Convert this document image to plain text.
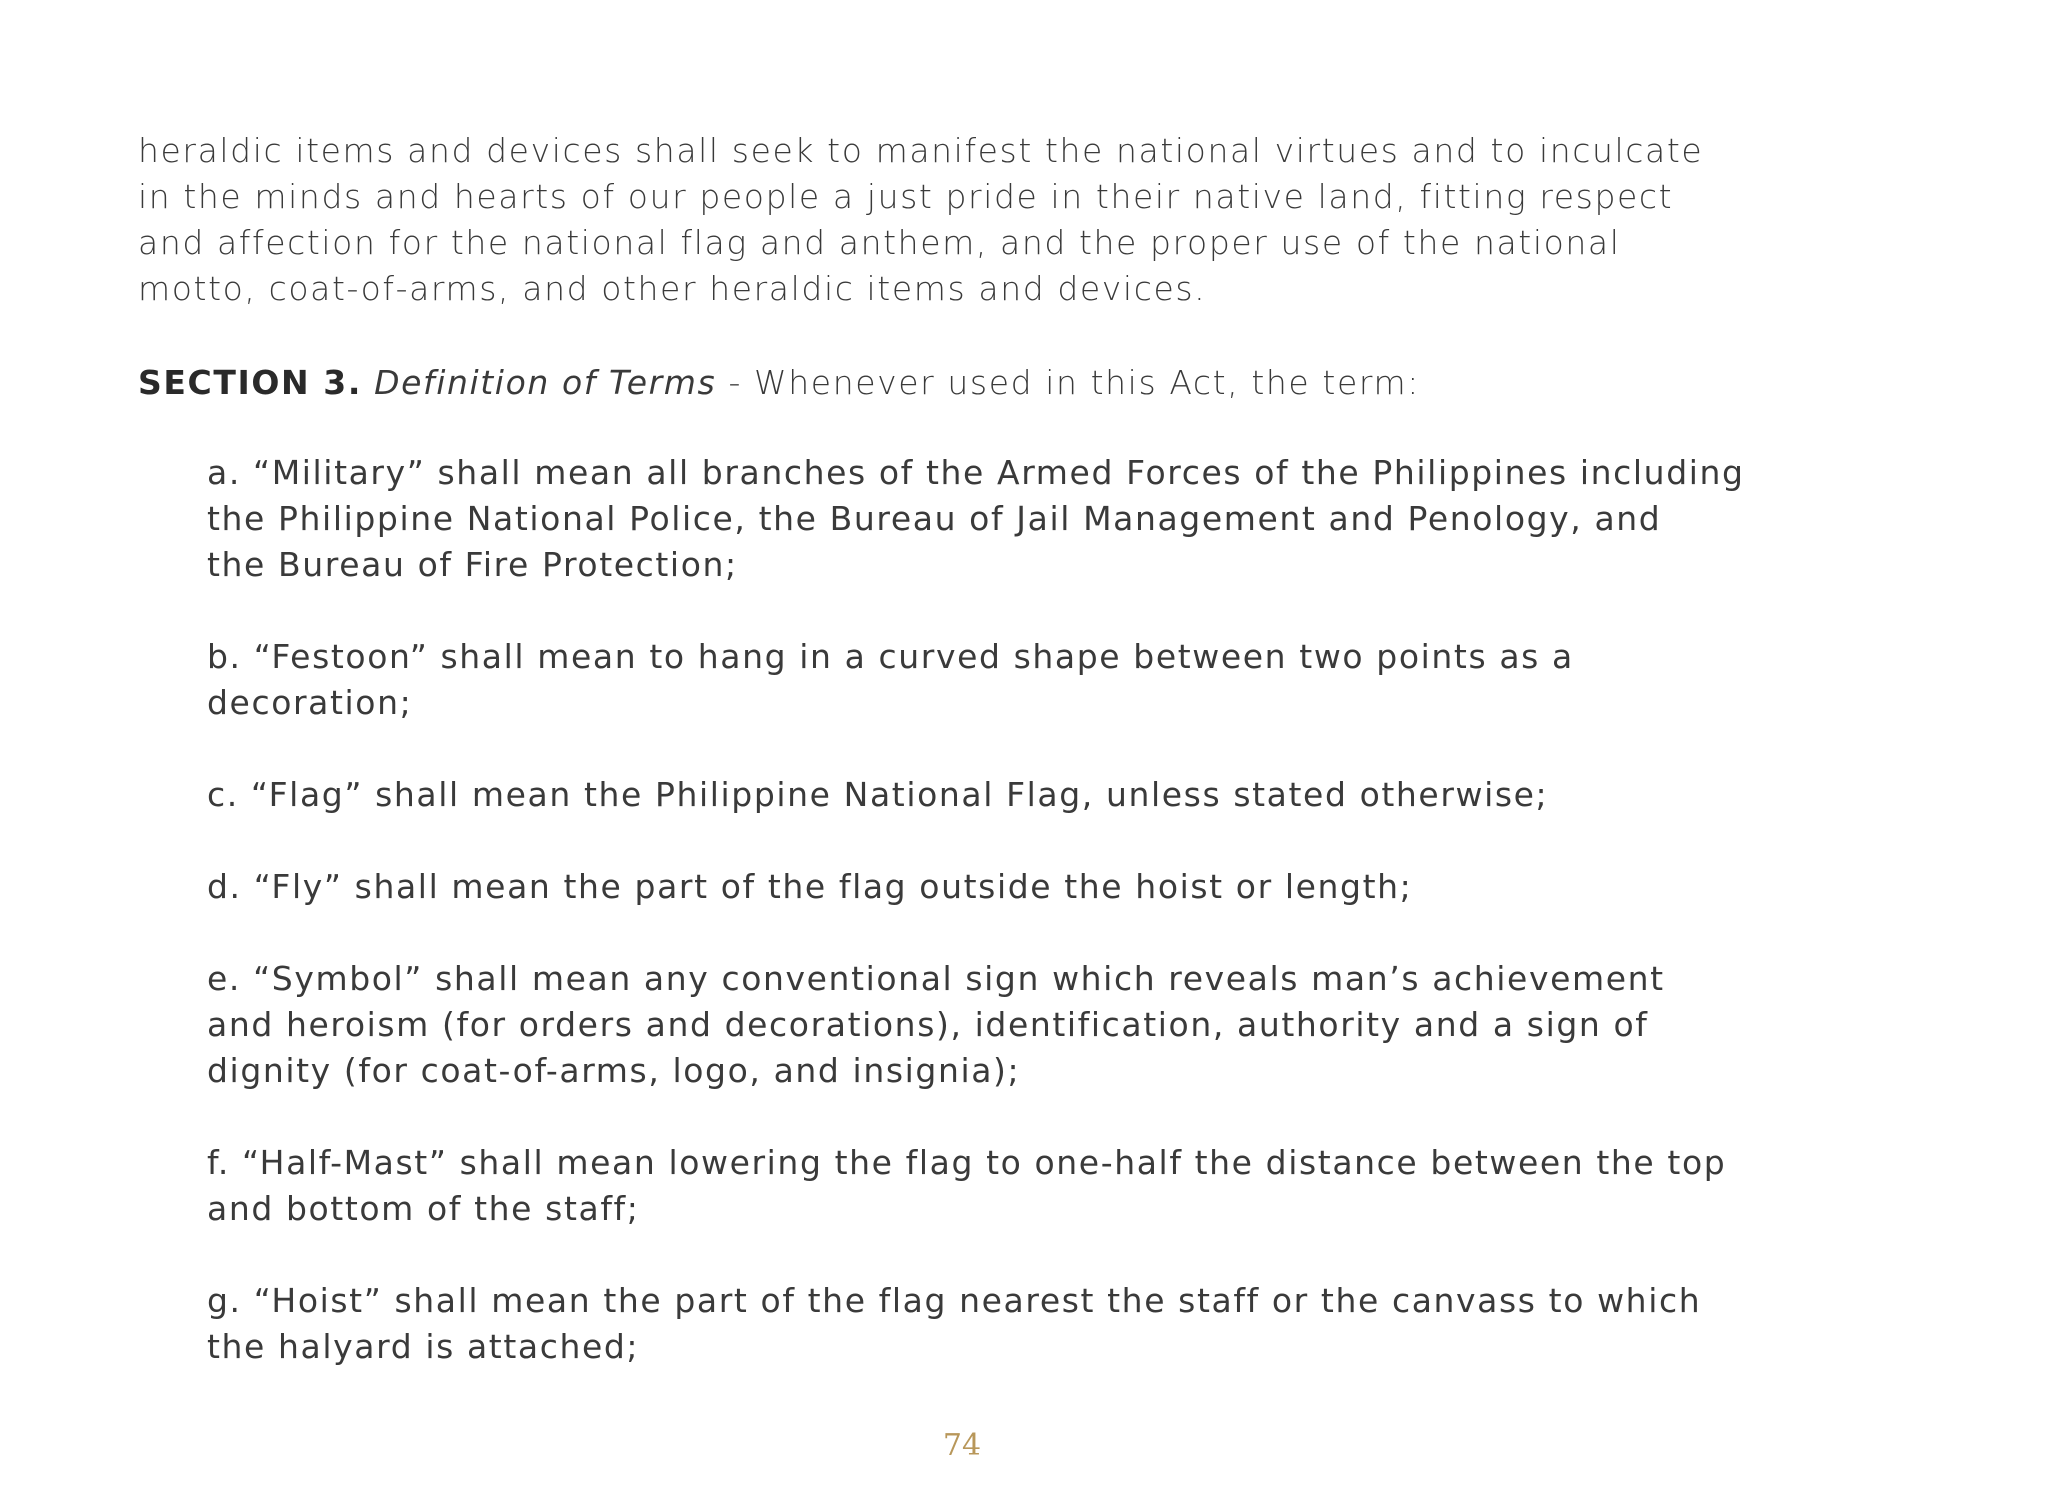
heraldic items and devices shall seek to manifest the national virtues and to inculcate
in the minds and hearts of our people a just pride in their native land, fitting respect
and affection for the national flag and anthem, and the proper use of the national
motto, coat-of-arms, and other heraldic items and devices.
SECTION 3. Definition of Terms - Whenever used in this Act, the term:
a. “Military” shall mean all branches of the Armed Forces of the Philippines including
the Philippine National Police, the Bureau of Jail Management and Penology, and
the Bureau of Fire Protection;
b. “Festoon” shall mean to hang in a curved shape between two points as a
decoration;
c. “Flag” shall mean the Philippine National Flag, unless stated otherwise;
d. “Fly” shall mean the part of the flag outside the hoist or length;
e. “Symbol” shall mean any conventional sign which reveals man’s achievement
and heroism (for orders and decorations), identification, authority and a sign of
dignity (for coat-of-arms, logo, and insignia);
f. “Half-Mast” shall mean lowering the flag to one-half the distance between the top
and bottom of the staff;
g. “Hoist” shall mean the part of the flag nearest the staff or the canvass to which
the halyard is attached;
74
